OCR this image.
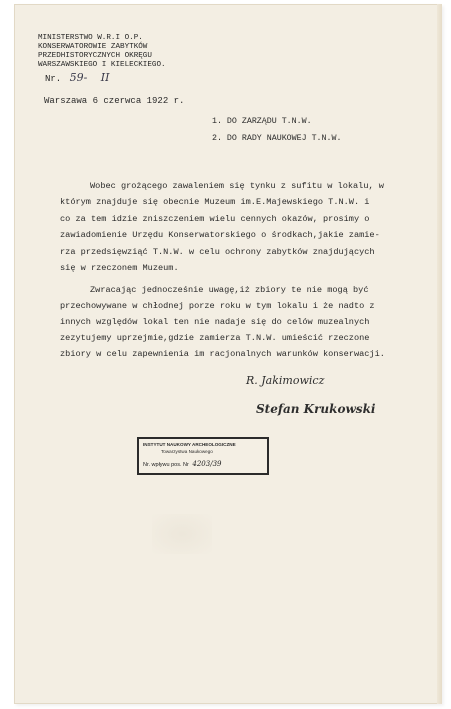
MINISTERSTWO W.R.I O.P.
KONSERWATOROWIE ZABYTKÓW
PRZEDHISTORYCZNYCH OKRĘGU
WARSZAWSKIEGO I KIELECKIEGO.
Nr. 59- II
Warszawa 6 czerwca 1922 r.
1. DO ZARZĄDU T.N.W.
2. DO RADY NAUKOWEJ T.N.W.
Wobec grożącego zawaleniem się tynku z sufitu w lokalu, w
którym znajduje się obecnie Muzeum im.E.Majewskiego T.N.W. i
co za tem idzie zniszczeniem wielu cennych okazów, prosimy o
zawiadomienie Urzędu Konserwatorskiego o środkach,jakie zamie-
rza przedsięwziąć T.N.W. w celu ochrony zabytków znajdujących
się w rzeczonem Muzeum.
Zwracając jednocześnie uwagę,iż zbiory te nie mogą być
przechowywane w chłodnej porze roku w tym lokalu i że nadto z
innych względów lokal ten nie nadaje się do celów muzealnych
zezytujemy uprzejmie,gdzie zamierza T.N.W. umieścić rzeczone
zbiory w celu zapewnienia im racjonalnych warunków konserwacji.
R. Jakimowicz
Stefan Krukowski
INSTYTUT NAUKOWY ARCHEOLOGICZNE
Towarzystwa Naukowego
Nr. wpływu pos. Nr 4203/39
